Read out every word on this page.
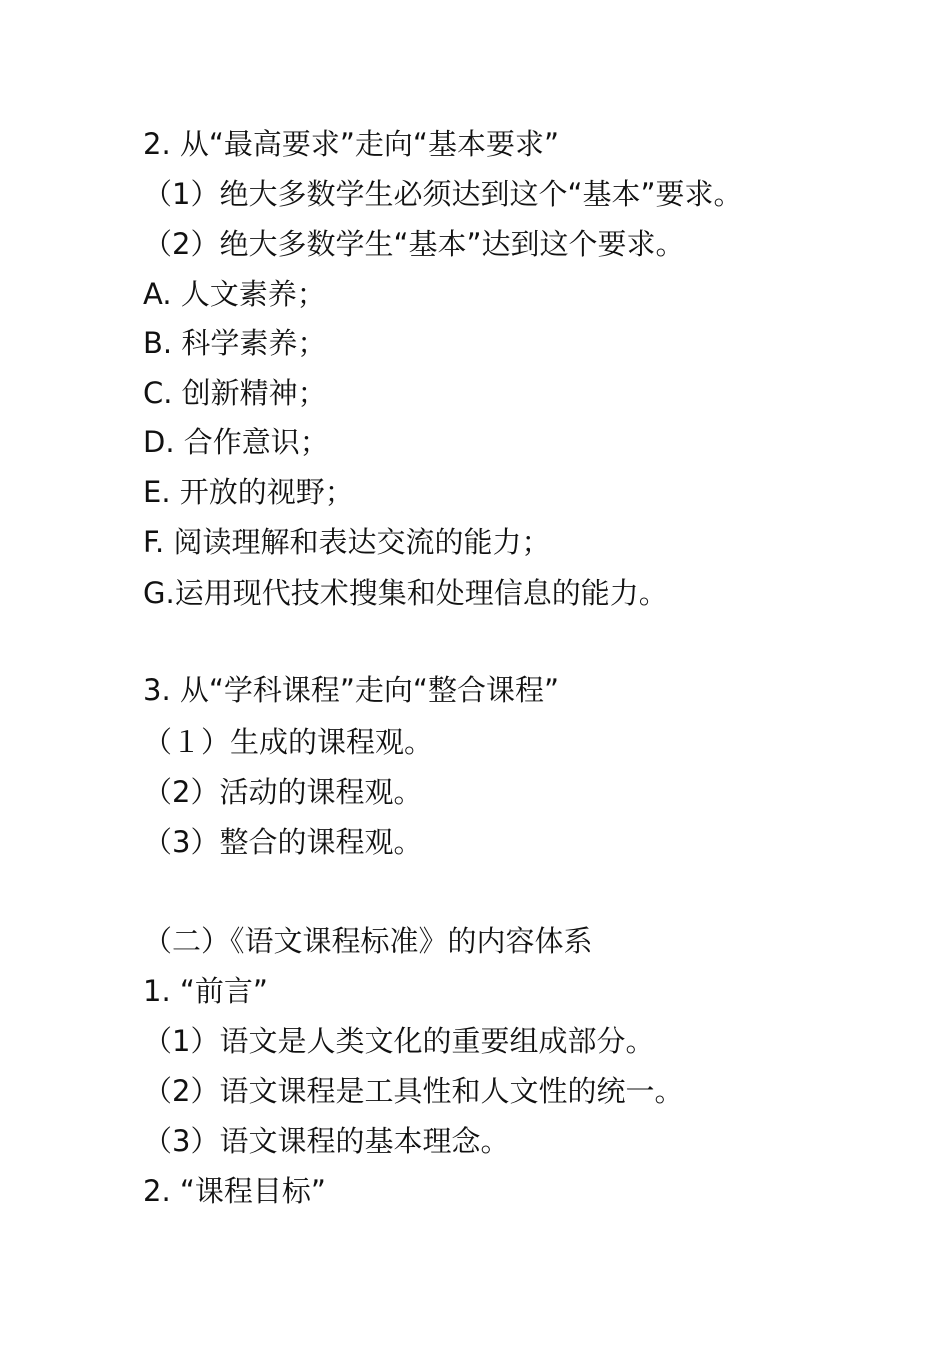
2. 从“最高要求”走向“基本要求”
（1）绝大多数学生必须达到这个“基本”要求。
（2）绝大多数学生“基本”达到这个要求。
A. 人文素养；
B. 科学素养；
C. 创新精神；
D. 合作意识；
E. 开放的视野；
F. 阅读理解和表达交流的能力；
G.运用现代技术搜集和处理信息的能力。
3. 从“学科课程”走向“整合课程”
（１）生成的课程观。
（2）活动的课程观。
（3）整合的课程观。
（二）《语文课程标准》的内容体系
1. “前言”
（1）语文是人类文化的重要组成部分。
（2）语文课程是工具性和人文性的统一。
（3）语文课程的基本理念。
2. “课程目标”
